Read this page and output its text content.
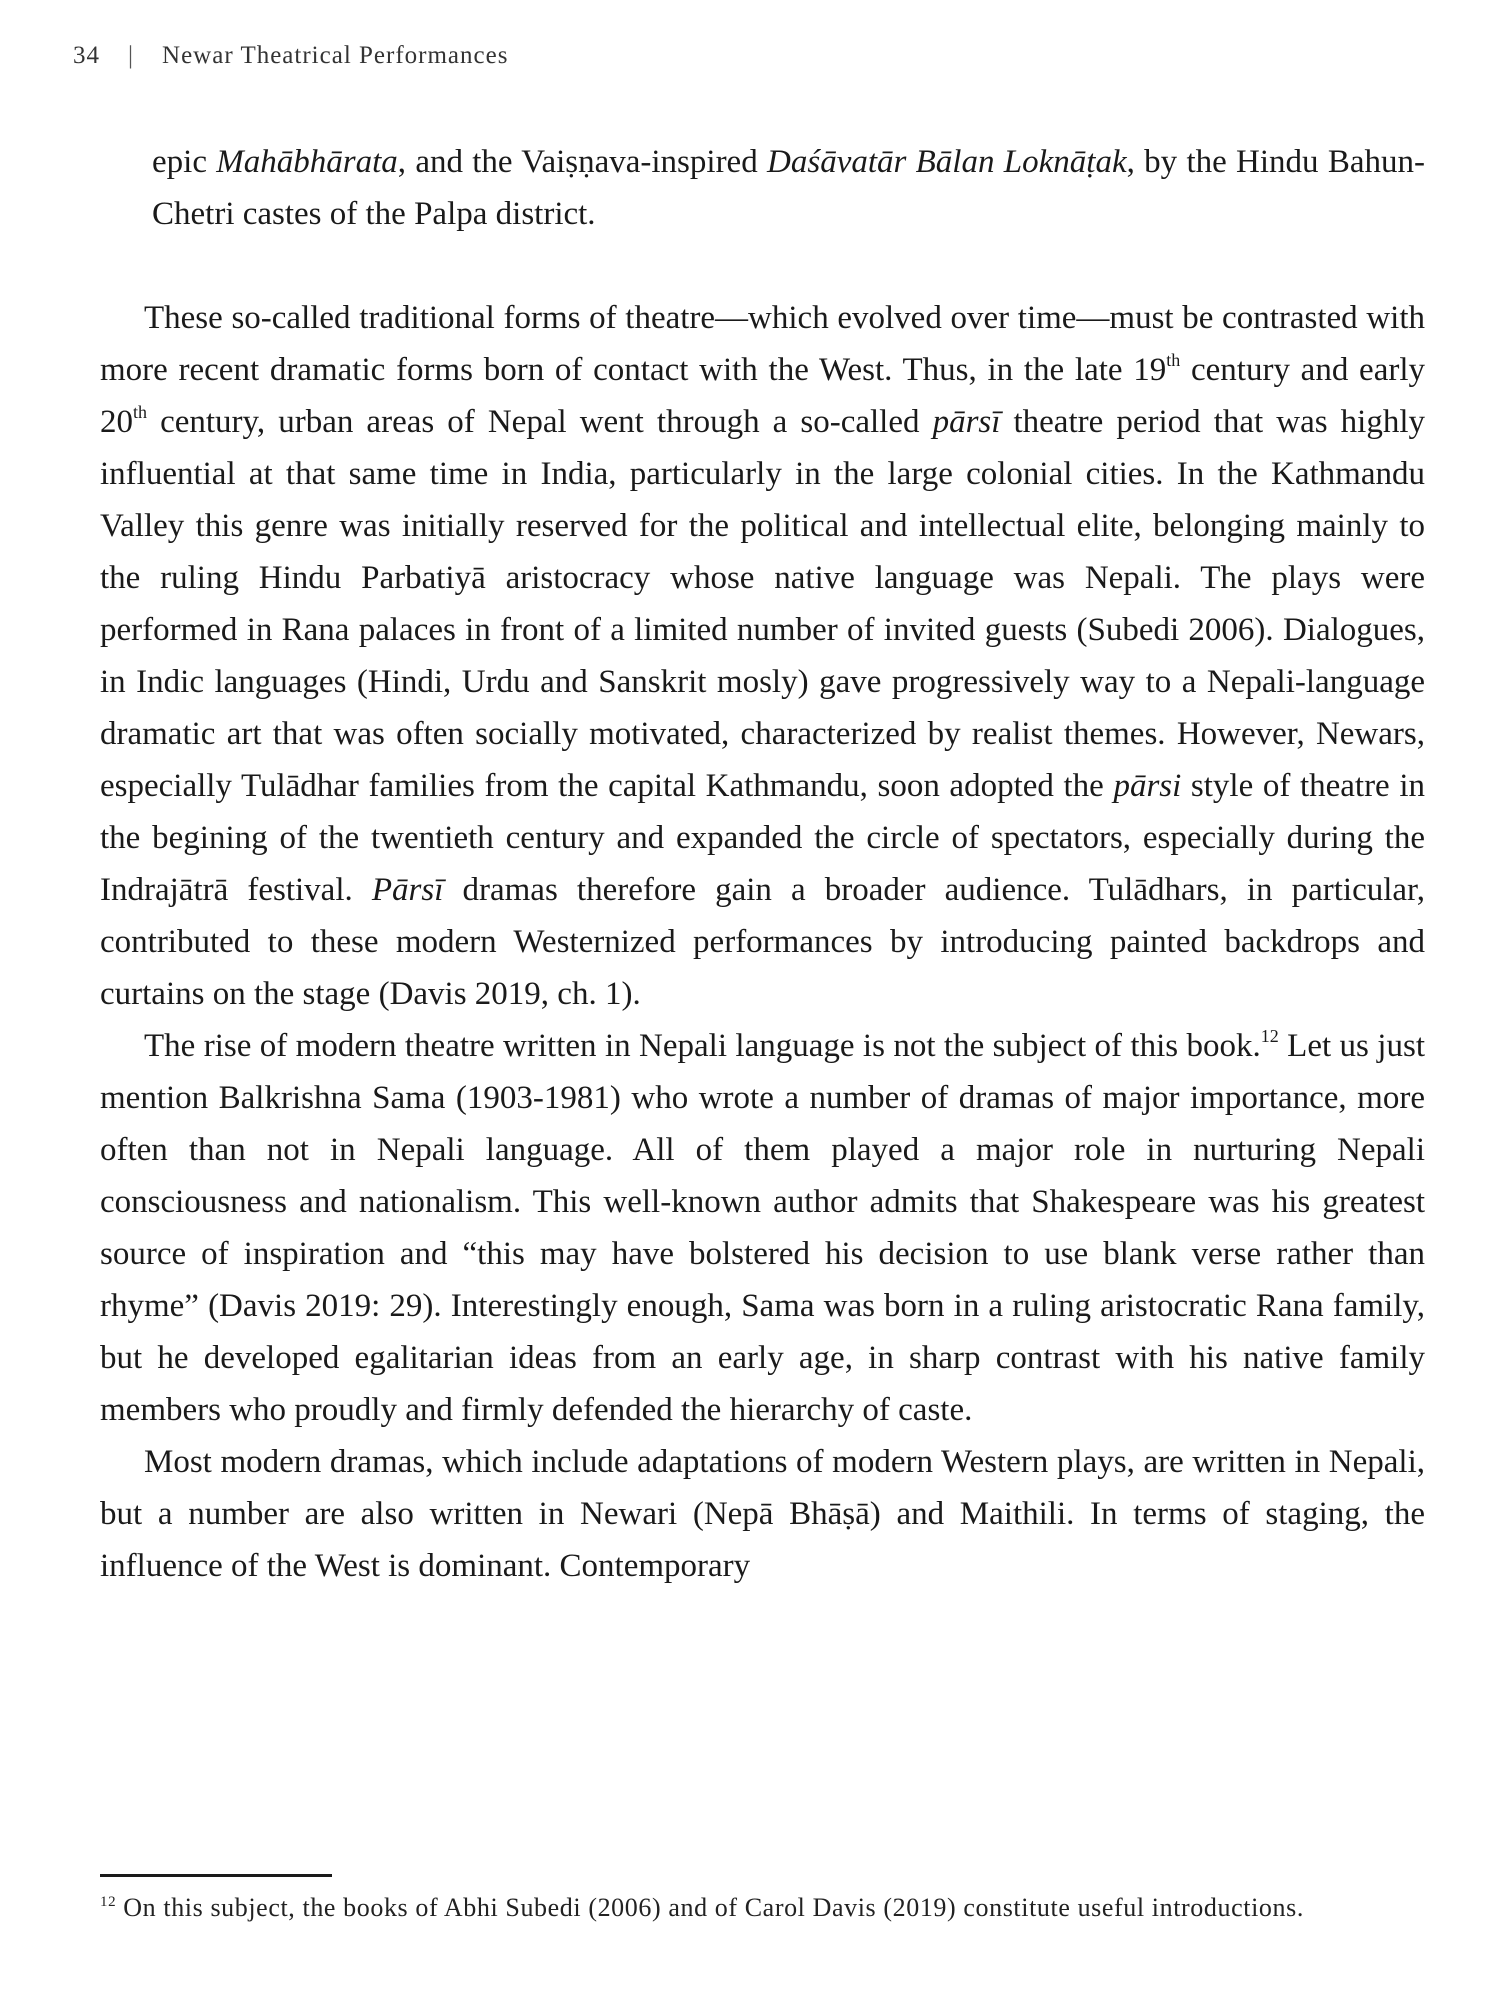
34 | Newar Theatrical Performances

epic Mahābhārata, and the Vaiṣṇava-inspired Daśāvatār Bālan Loknāṭak, by the Hindu Bahun-Chetri castes of the Palpa district.

These so-called traditional forms of theatre—which evolved over time—must be contrasted with more recent dramatic forms born of contact with the West. Thus, in the late 19th century and early 20th century, urban areas of Nepal went through a so-called pārsī theatre period that was highly influential at that same time in India, particularly in the large colonial cities. In the Kathmandu Valley this genre was initially reserved for the political and intellectual elite, belonging mainly to the ruling Hindu Parbatiyā aristocracy whose native language was Nepali. The plays were performed in Rana palaces in front of a limited number of invited guests (Subedi 2006). Dialogues, in Indic languages (Hindi, Urdu and Sanskrit mosly) gave progressively way to a Nepali-language dramatic art that was often socially motivated, characterized by realist themes. However, Newars, especially Tulādhar families from the capital Kathmandu, soon adopted the pārsi style of theatre in the begining of the twentieth century and expanded the circle of spectators, especially during the Indrajātrā festival. Pārsī dramas therefore gain a broader audience. Tulādhars, in particular, contributed to these modern Westernized performances by introducing painted backdrops and curtains on the stage (Davis 2019, ch. 1).

The rise of modern theatre written in Nepali language is not the subject of this book.$^{12}$ Let us just mention Balkrishna Sama (1903-1981) who wrote a number of dramas of major importance, more often than not in Nepali language. All of them played a major role in nurturing Nepali consciousness and nationalism. This well-known author admits that Shakespeare was his greatest source of inspiration and “this may have bolstered his decision to use blank verse rather than rhyme” (Davis 2019: 29). Interestingly enough, Sama was born in a ruling aristocratic Rana family, but he developed egalitarian ideas from an early age, in sharp contrast with his native family members who proudly and firmly defended the hierarchy of caste.

Most modern dramas, which include adaptations of modern Western plays, are written in Nepali, but a number are also written in Newari (Nepā Bhāṣā) and Maithili. In terms of staging, the influence of the West is dominant. Contemporary

$^{12}$ On this subject, the books of Abhi Subedi (2006) and of Carol Davis (2019) constitute useful introductions.
